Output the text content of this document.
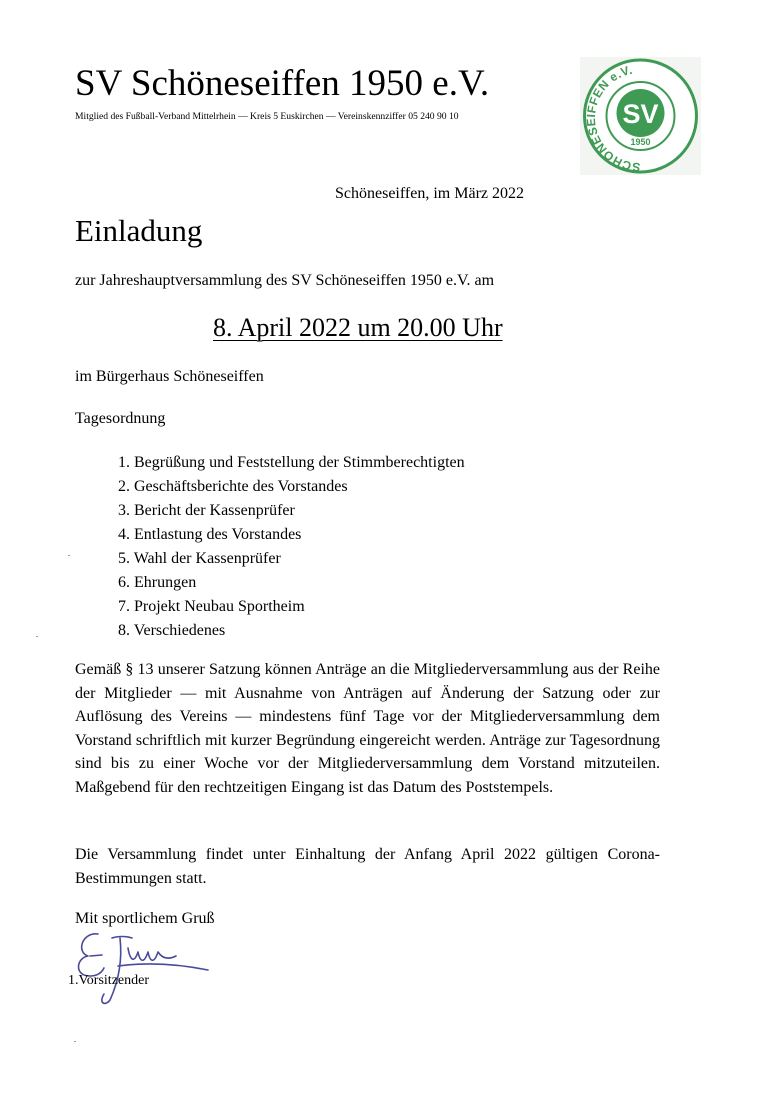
SV Schöneseiffen 1950 e.V.
Mitglied des Fußball-Verband Mittelrhein — Kreis 5 Euskirchen — Vereinskennziffer 05 240 90 10	SV
1950
SCHÖNESEIFFEN e.V.
Schöneseiffen, im März 2022
Einladung
zur Jahreshauptversammlung des SV Schöneseiffen 1950 e.V. am
8. April 2022 um 20.00 Uhr
im Bürgerhaus Schöneseiffen
Tagesordnung
1. Begrüßung und Feststellung der Stimmberechtigten
2. Geschäftsberichte des Vorstandes
3. Bericht der Kassenprüfer
4. Entlastung des Vorstandes
5. Wahl der Kassenprüfer
6. Ehrungen
7. Projekt Neubau Sportheim
8. Verschiedenes
Gemäß § 13 unserer Satzung können Anträge an die Mitgliederversammlung aus der Reihe der Mitglieder — mit Ausnahme von Anträgen auf Änderung der Satzung oder zur Auflösung des Vereins — mindestens fünf Tage vor der Mitgliederversammlung dem Vorstand schriftlich mit kurzer Begründung eingereicht werden. Anträge zur Tagesordnung sind bis zu einer Woche vor der Mitgliederversammlung dem Vorstand mitzuteilen. Maßgebend für den rechtzeitigen Eingang ist das Datum des Poststempels.
Die Versammlung findet unter Einhaltung der Anfang April 2022 gültigen Corona-Bestimmungen statt.
Mit sportlichem Gruß
1.Vorsitzender
